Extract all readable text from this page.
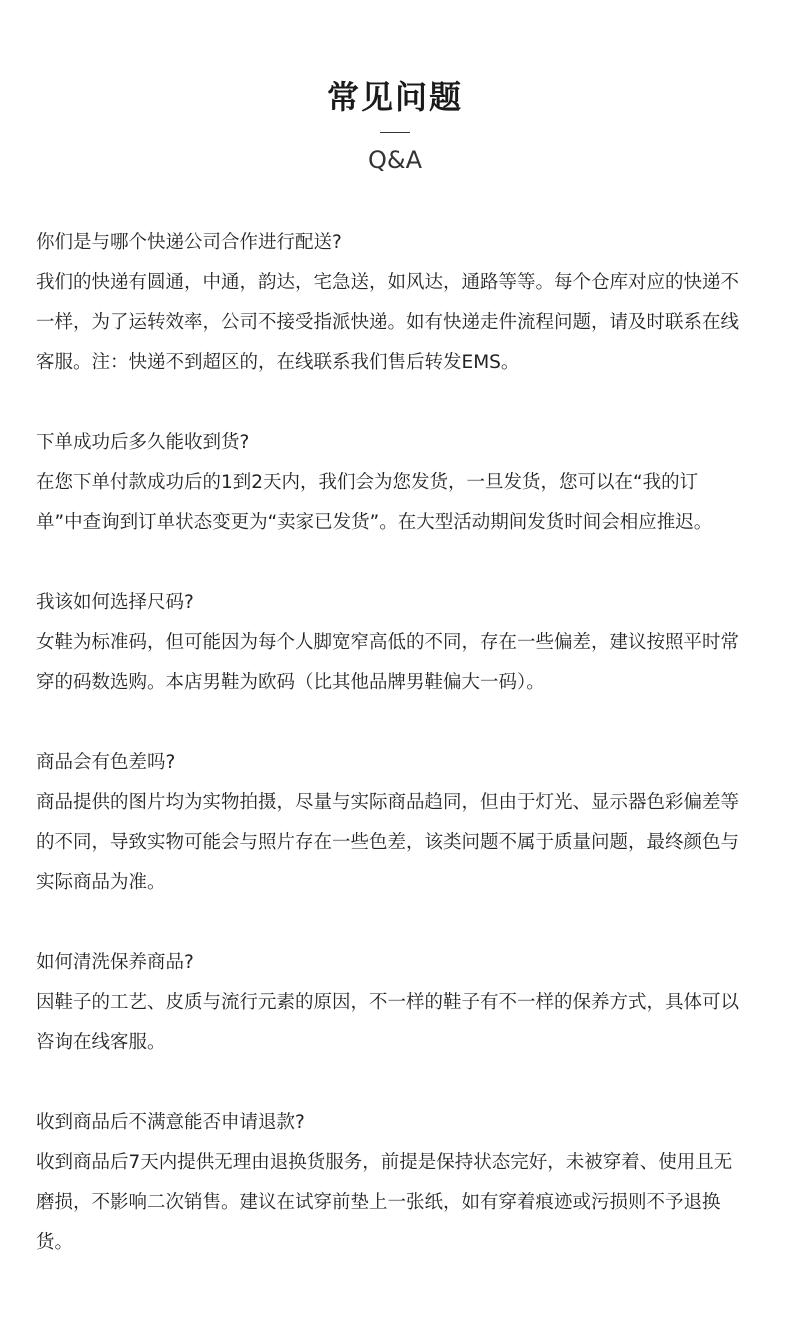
常见问题
Q&A
你们是与哪个快递公司合作进行配送?
我们的快递有圆通，中通，韵达，宅急送，如风达，通路等等。每个仓库对应的快递不一样，为了运转效率，公司不接受指派快递。如有快递走件流程问题，请及时联系在线客服。注：快递不到超区的，在线联系我们售后转发EMS。
下单成功后多久能收到货?
在您下单付款成功后的1到2天内，我们会为您发货，一旦发货，您可以在“我的订单”中查询到订单状态变更为“卖家已发货”。在大型活动期间发货时间会相应推迟。
我该如何选择尺码?
女鞋为标准码，但可能因为每个人脚宽窄高低的不同，存在一些偏差，建议按照平时常穿的码数选购。本店男鞋为欧码（比其他品牌男鞋偏大一码）。
商品会有色差吗?
商品提供的图片均为实物拍摄，尽量与实际商品趋同，但由于灯光、显示器色彩偏差等的不同，导致实物可能会与照片存在一些色差，该类问题不属于质量问题，最终颜色与实际商品为准。
如何清洗保养商品?
因鞋子的工艺、皮质与流行元素的原因，不一样的鞋子有不一样的保养方式，具体可以咨询在线客服。
收到商品后不满意能否申请退款?
收到商品后7天内提供无理由退换货服务，前提是保持状态完好，未被穿着、使用且无磨损，不影响二次销售。建议在试穿前垫上一张纸，如有穿着痕迹或污损则不予退换货。
